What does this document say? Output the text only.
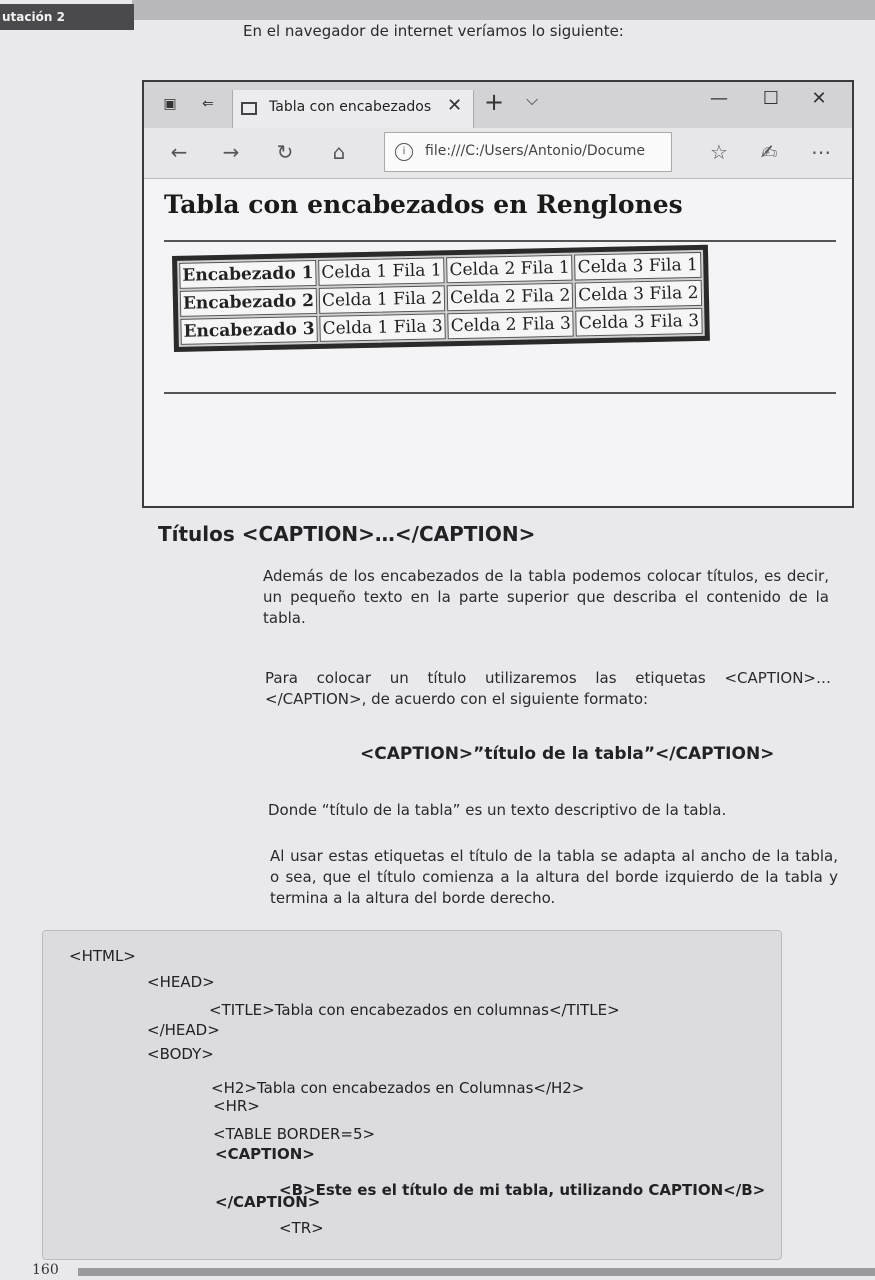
utación 2
En el navegador de internet veríamos lo siguiente:
▣	⇐	Tabla con encabezados ✕ + ⌵	—	☐	✕
← → ↻	⌂	i	file:///C:/Users/Antonio/Docume	☆ ✍ ⋯
Tabla con encabezados en Renglones
Encabezado 1	Celda 1 Fila 1	Celda 2 Fila 1	Celda 3 Fila 1
Encabezado 2	Celda 1 Fila 2	Celda 2 Fila 2	Celda 3 Fila 2
Encabezado 3	Celda 1 Fila 3	Celda 2 Fila 3	Celda 3 Fila 3
Títulos <CAPTION>…</CAPTION>
Además de los encabezados de la tabla podemos colocar títulos, es decir, un pequeño texto en la parte superior que describa el contenido de la tabla.
Para colocar un título utilizaremos las etiquetas <CAPTION>…</CAPTION>, de acuerdo con el siguiente formato:
<CAPTION>”título de la tabla”</CAPTION>
Donde “título de la tabla” es un texto descriptivo de la tabla.
Al usar estas etiquetas el título de la tabla se adapta al ancho de la tabla, o sea, que el título comienza a la altura del borde izquierdo de la tabla y termina a la altura del borde derecho.
<HTML>
<HEAD>
<TITLE>Tabla con encabezados en columnas</TITLE>
</HEAD>
<BODY>
<H2>Tabla con encabezados en Columnas</H2>
<HR>
<TABLE BORDER=5>
<CAPTION>
<B>Este es el título de mi tabla, utilizando CAPTION</B>
</CAPTION>
<TR>
160
